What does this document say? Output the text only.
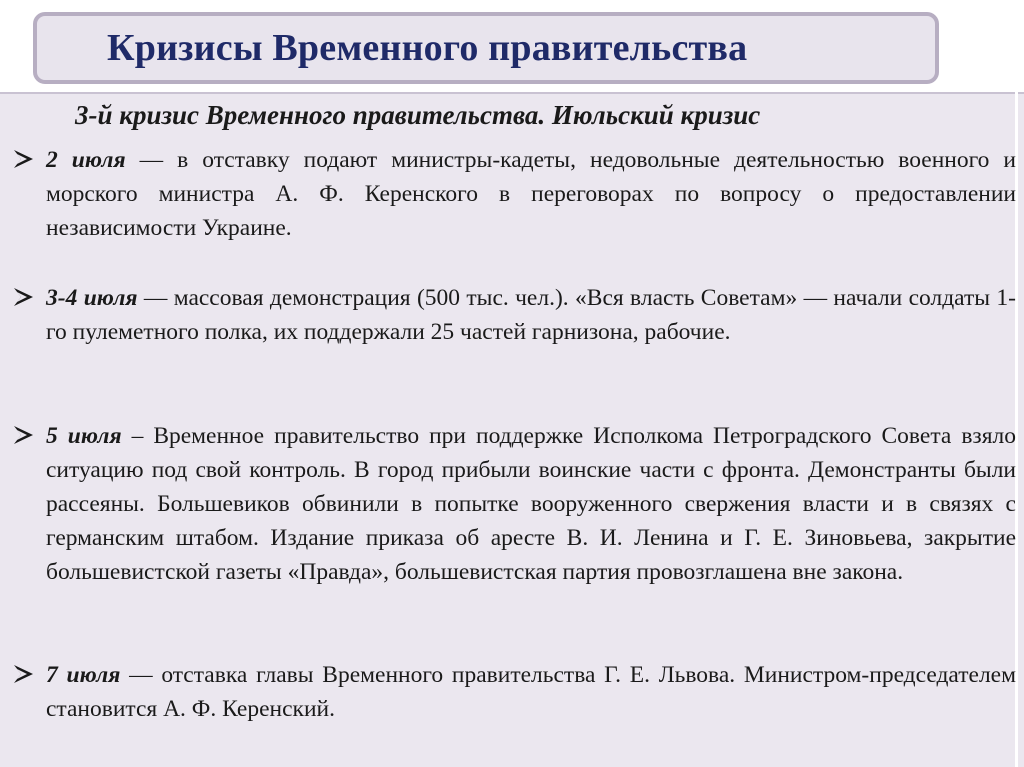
Кризисы Временного правительства
3-й кризис Временного правительства. Июльский кризис
2 июля — в отставку подают министры-кадеты, недовольные деятельностью военного и морского министра А. Ф. Керенского в переговорах по вопросу о предоставлении независимости Украине.
3-4 июля — массовая демонстрация (500 тыс. чел.). «Вся власть Советам» — начали солдаты 1-го пулеметного полка, их поддержали 25 частей гарнизона, рабочие.
5 июля – Временное правительство при поддержке Исполкома Петроградского Совета взяло ситуацию под свой контроль. В город прибыли воинские части с фронта. Демонстранты были рассеяны. Большевиков обвинили в попытке вооруженного свержения власти и в связях с германским штабом. Издание приказа об аресте В. И. Ленина и Г. Е. Зиновьева, закрытие большевистской газеты «Правда», большевистская партия провозглашена вне закона.
7 июля — отставка главы Временного правительства Г. Е. Львова. Министром-председателем становится А. Ф. Керенский.
